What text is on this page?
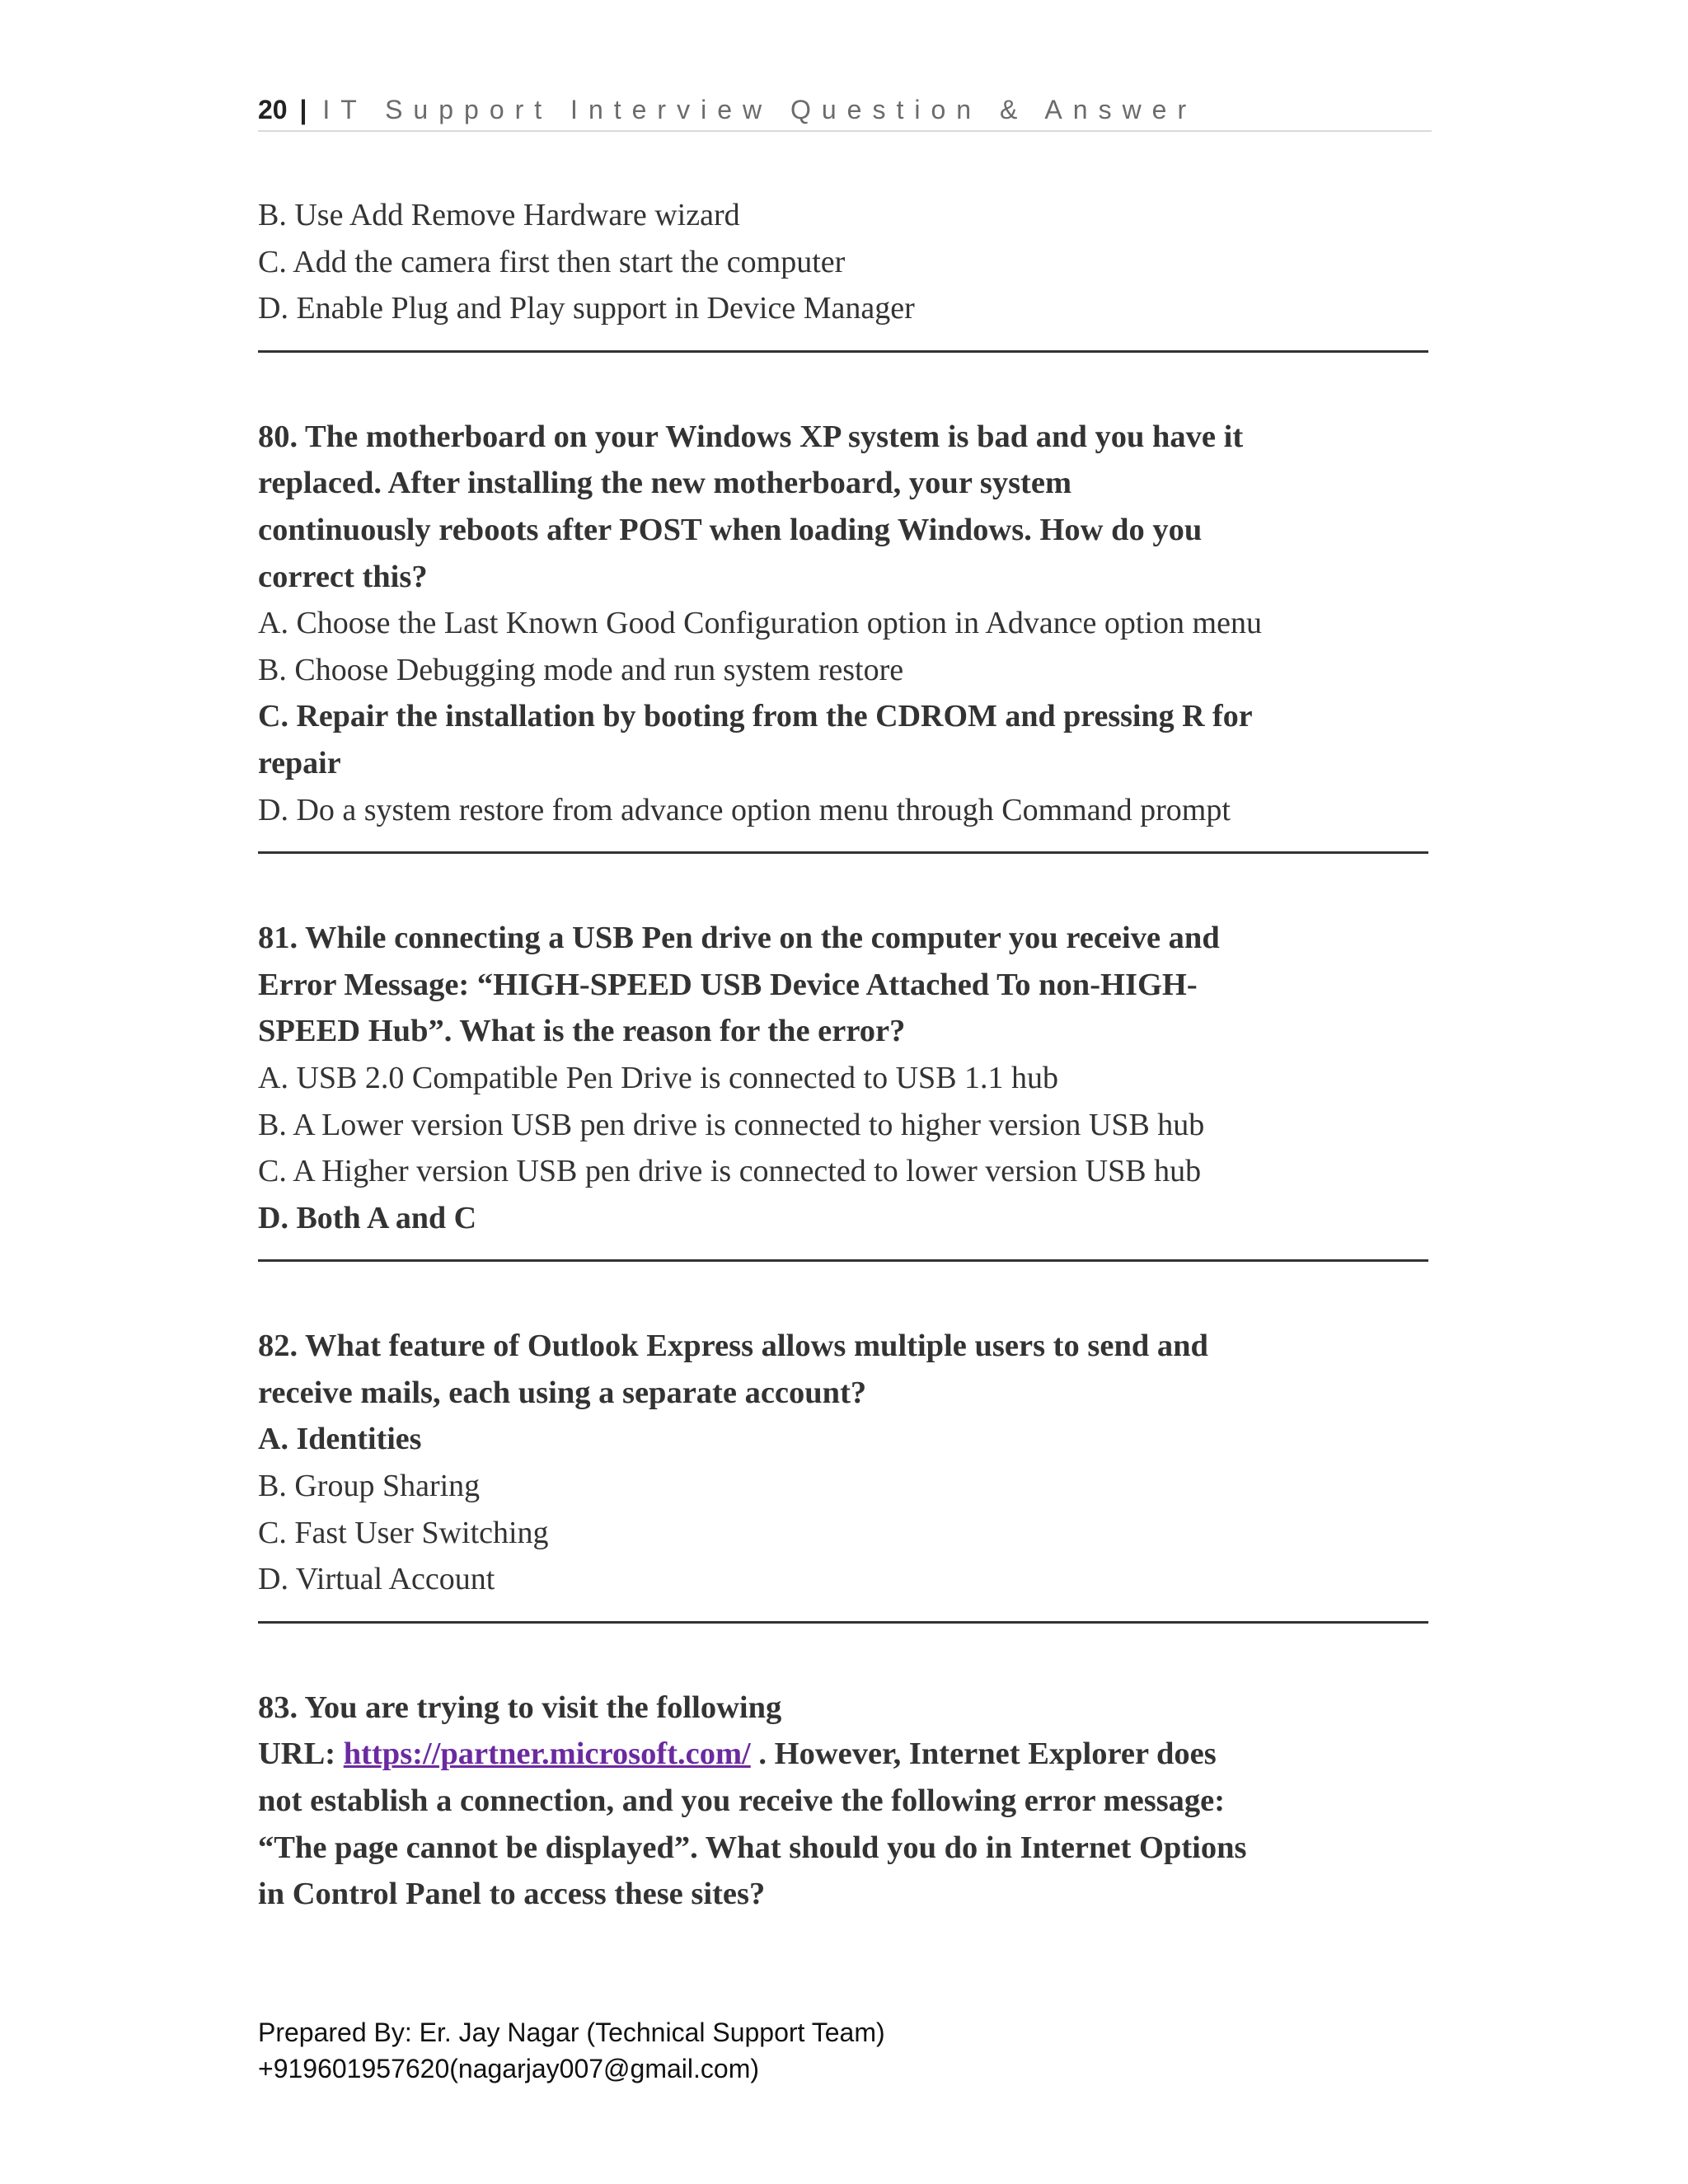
20 | IT Support Interview Question & Answer
B. Use Add Remove Hardware wizard
C. Add the camera first then start the computer
D. Enable Plug and Play support in Device Manager
80. The motherboard on your Windows XP system is bad and you have it
replaced. After installing the new motherboard, your system
continuously reboots after POST when loading Windows. How do you
correct this?
A. Choose the Last Known Good Configuration option in Advance option menu
B. Choose Debugging mode and run system restore
C. Repair the installation by booting from the CDROM and pressing R for
repair
D. Do a system restore from advance option menu through Command prompt
81. While connecting a USB Pen drive on the computer you receive and
Error Message: “HIGH-SPEED USB Device Attached To non-HIGH-
SPEED Hub”. What is the reason for the error?
A. USB 2.0 Compatible Pen Drive is connected to USB 1.1 hub
B. A Lower version USB pen drive is connected to higher version USB hub
C. A Higher version USB pen drive is connected to lower version USB hub
D. Both A and C
82. What feature of Outlook Express allows multiple users to send and
receive mails, each using a separate account?
A. Identities
B. Group Sharing
C. Fast User Switching
D. Virtual Account
83. You are trying to visit the following
URL: https://partner.microsoft.com/ . However, Internet Explorer does
not establish a connection, and you receive the following error message:
“The page cannot be displayed”. What should you do in Internet Options
in Control Panel to access these sites?
Prepared By: Er. Jay Nagar (Technical Support Team)
+919601957620(nagarjay007@gmail.com)
